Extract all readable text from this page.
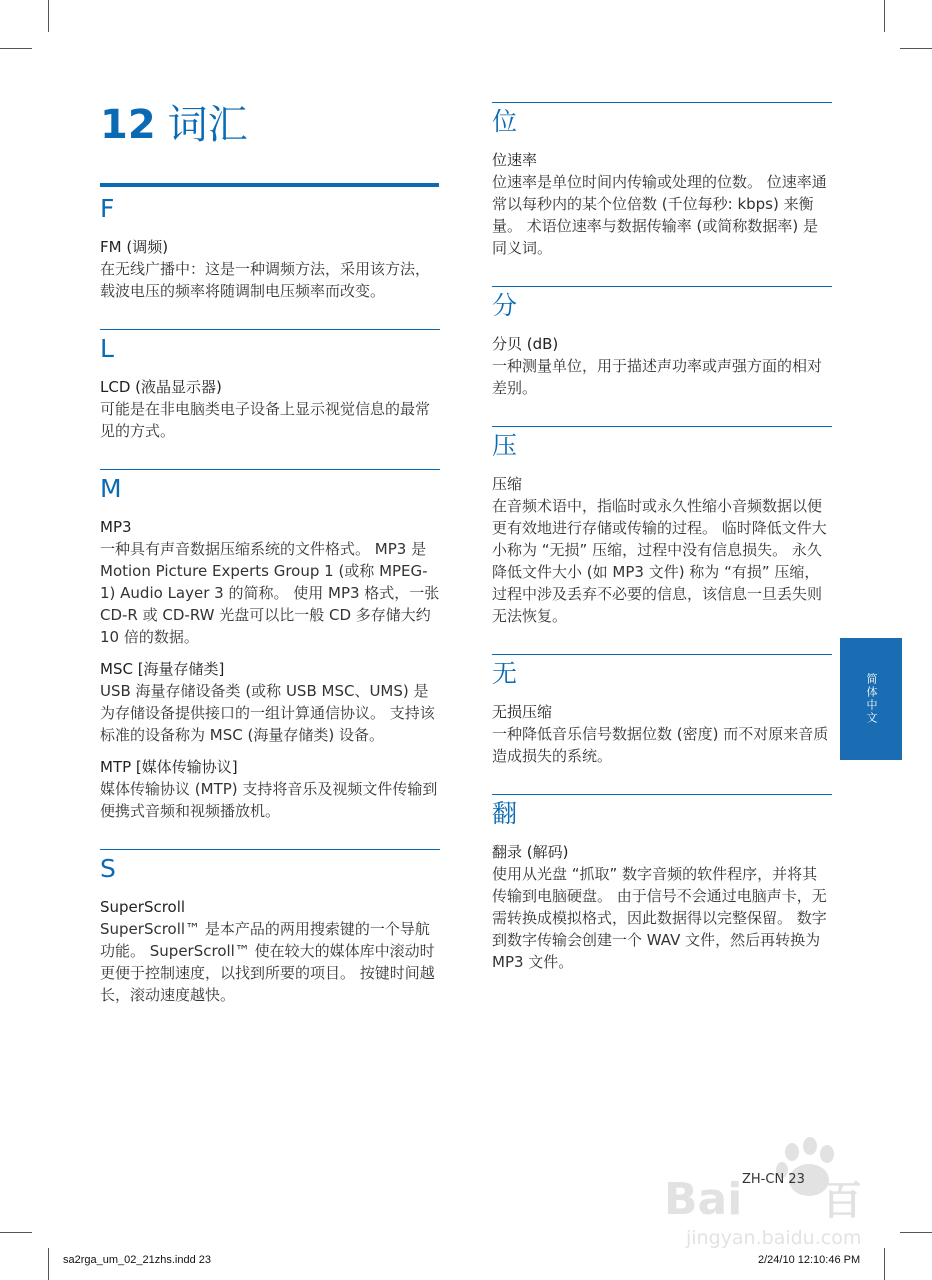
12 词汇
F
FM (调频)

在无线广播中：这是一种调频方法，采用该方法，载波电压的频率将随调制电压频率而改变。

L
LCD (液晶显示器)

可能是在非电脑类电子设备上显示视觉信息的最常见的方式。

M
MP3

一种具有声音数据压缩系统的文件格式。 MP3 是 Motion Picture Experts Group 1 (或称 MPEG-1) Audio Layer 3 的简称。 使用 MP3 格式，一张 CD-R 或 CD-RW 光盘可以比一般 CD 多存储大约 10 倍的数据。

MSC [海量存储类]

USB 海量存储设备类 (或称 USB MSC、UMS) 是为存储设备提供接口的一组计算通信协议。 支持该标准的设备称为 MSC (海量存储类) 设备。

MTP [媒体传输协议]

媒体传输协议 (MTP) 支持将音乐及视频文件传输到便携式音频和视频播放机。

S
SuperScroll

SuperScroll™ 是本产品的两用搜索键的一个导航功能。 SuperScroll™ 使在较大的媒体库中滚动时更便于控制速度，以找到所要的项目。 按键时间越长，滚动速度越快。

位
位速率

位速率是单位时间内传输或处理的位数。 位速率通常以每秒内的某个位倍数 (千位每秒: kbps) 来衡量。 术语位速率与数据传输率 (或简称数据率) 是同义词。

分
分贝 (dB)

一种测量单位，用于描述声功率或声强方面的相对差别。

压
压缩

在音频术语中，指临时或永久性缩小音频数据以便更有效地进行存储或传输的过程。 临时降低文件大小称为 “无损” 压缩，过程中没有信息损失。 永久降低文件大小 (如 MP3 文件) 称为 “有损” 压缩，过程中涉及丢弃不必要的信息，该信息一旦丢失则无法恢复。

无
无损压缩

一种降低音乐信号数据位数 (密度) 而不对原来音质造成损失的系统。

翻
翻录 (解码)

使用从光盘 “抓取” 数字音频的软件程序，并将其传输到电脑硬盘。 由于信号不会通过电脑声卡，无需转换成模拟格式，因此数据得以完整保留。 数字到数字传输会创建一个 WAV 文件，然后再转换为 MP3 文件。

简体中文
Bai 百
jingyan.baidu.com
ZH-CN 23
sa2rga_um_02_21zhs.indd 23	2/24/10 12:10:46 PM
